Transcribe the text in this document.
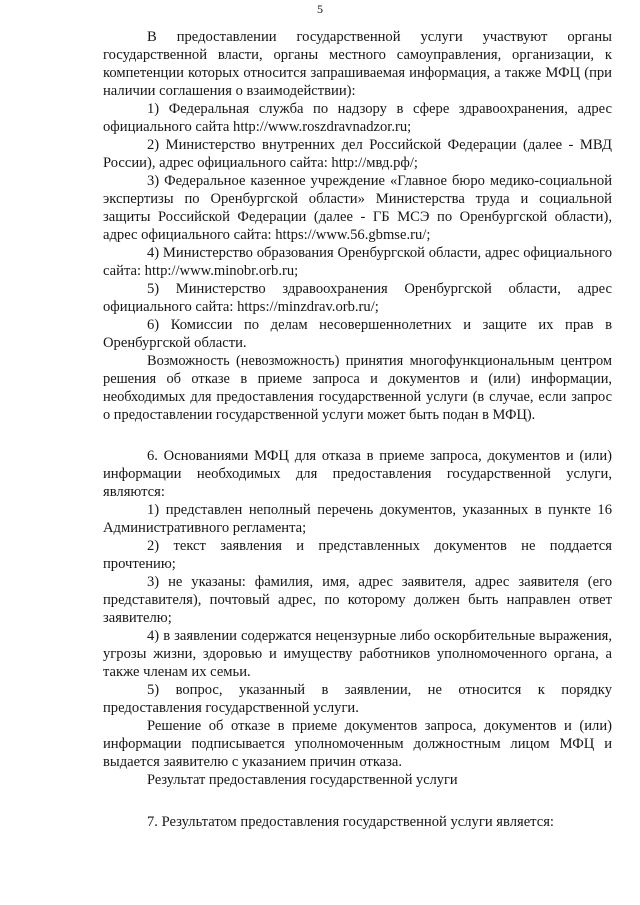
5

В предоставлении государственной услуги участвуют органы государственной власти, органы местного самоуправления, организации, к компетенции которых относится запрашиваемая информация, а также МФЦ (при наличии соглашения о взаимодействии):

1) Федеральная служба по надзору в сфере здравоохранения, адрес официального сайта http://www.roszdravnadzor.ru;

2) Министерство внутренних дел Российской Федерации (далее - МВД России), адрес официального сайта: http://мвд.рф/;

3) Федеральное казенное учреждение «Главное бюро медико-социальной экспертизы по Оренбургской области» Министерства труда и социальной защиты Российской Федерации (далее - ГБ МСЭ по Оренбургской области), адрес официального сайта: https://www.56.gbmse.ru/;

4) Министерство образования Оренбургской области, адрес официального сайта: http://www.minobr.orb.ru;

5) Министерство здравоохранения Оренбургской области, адрес официального сайта: https://minzdrav.orb.ru/;

6) Комиссии по делам несовершеннолетних и защите их прав в Оренбургской области.

Возможность (невозможность) принятия многофункциональным центром решения об отказе в приеме запроса и документов и (или) информации, необходимых для предоставления государственной услуги (в случае, если запрос о предоставлении государственной услуги может быть подан в МФЦ).

6. Основаниями МФЦ для отказа в приеме запроса, документов и (или) информации необходимых для предоставления государственной услуги, являются:

1) представлен неполный перечень документов, указанных в пункте 16 Административного регламента;

2) текст заявления и представленных документов не поддается прочтению;

3) не указаны: фамилия, имя, адрес заявителя, адрес заявителя (его представителя), почтовый адрес, по которому должен быть направлен ответ заявителю;

4) в заявлении содержатся нецензурные либо оскорбительные выражения, угрозы жизни, здоровью и имуществу работников уполномоченного органа, а также членам их семьи.

5) вопрос, указанный в заявлении, не относится к порядку предоставления государственной услуги.

Решение об отказе в приеме документов запроса, документов и (или) информации подписывается уполномоченным должностным лицом МФЦ и выдается заявителю с указанием причин отказа.

Результат предоставления государственной услуги

7. Результатом предоставления государственной услуги является:
